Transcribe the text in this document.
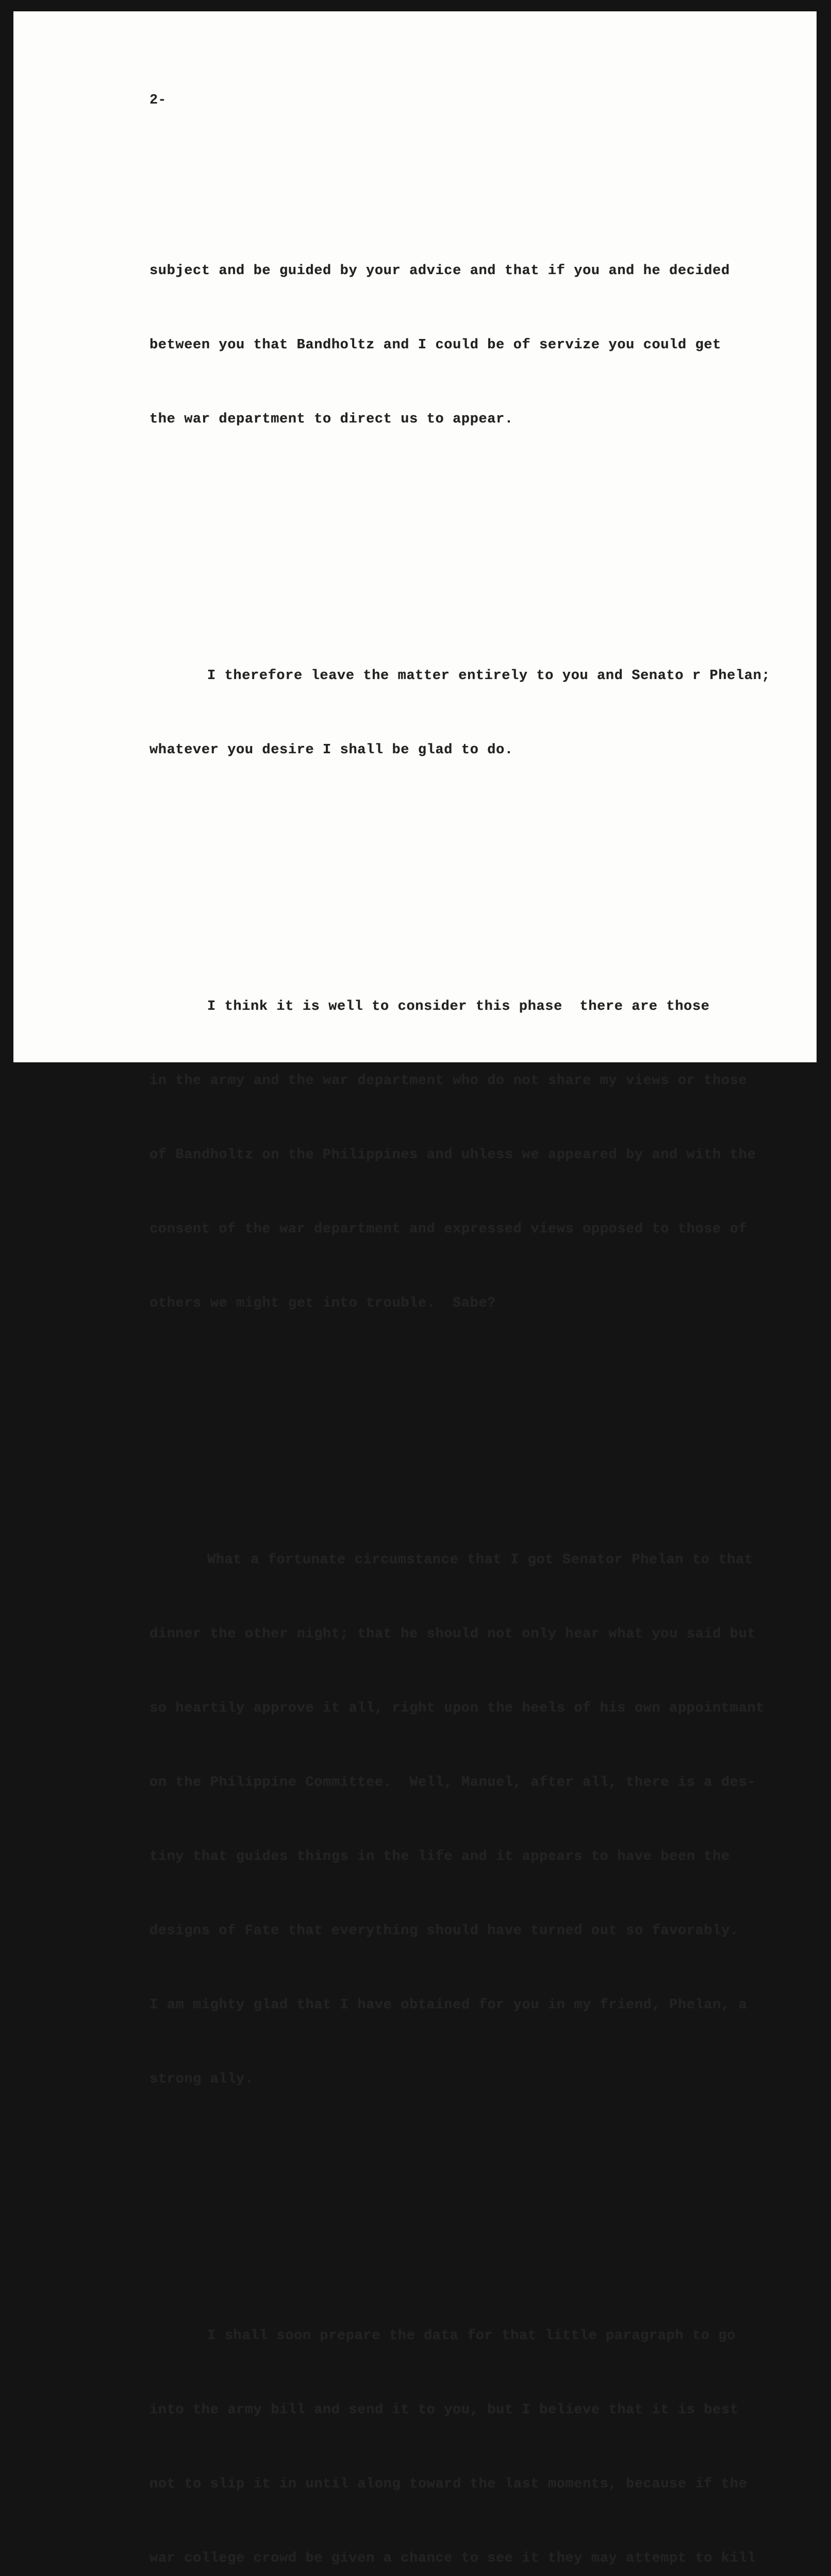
2-

subject and be guided by your advice and that if you and he decided

between you that Bandholtz and I could be of servize you could get

the war department to direct us to appear.

I therefore leave the matter entirely to you and Senato r Phelan;

whatever you desire I shall be glad to do.

I think it is well to consider this phase  there are those

in the army and the war department who do not share my views or those

of Bandholtz on the Philippines and uhless we appeared by and with the

consent of the war department and expressed views opposed to those of

others we might get into trouble.  Sabe?

What a fortunate circumstance that I got Senator Phelan to that

dinner the other night; that he should not only hear what you said but

so heartily approve it all, right upon the heels of his own appointmant

on the Philippine Committee.  Well, Manuel, after all, there is a des-

tiny that guides things in the life and it appears to have been the

designs of Fate that everything should have turned out so favorably.

I am mighty glad that I have obtained for you in my friend, Phelan, a

strong ally.

I shall soon prepare the data for that little paragraph to go

into the army bill and send it to you, but I believe that it is best

not to slip it in until along toward the last moments, because if the

war college crowd be given a chance to see it they may attempt to kill
